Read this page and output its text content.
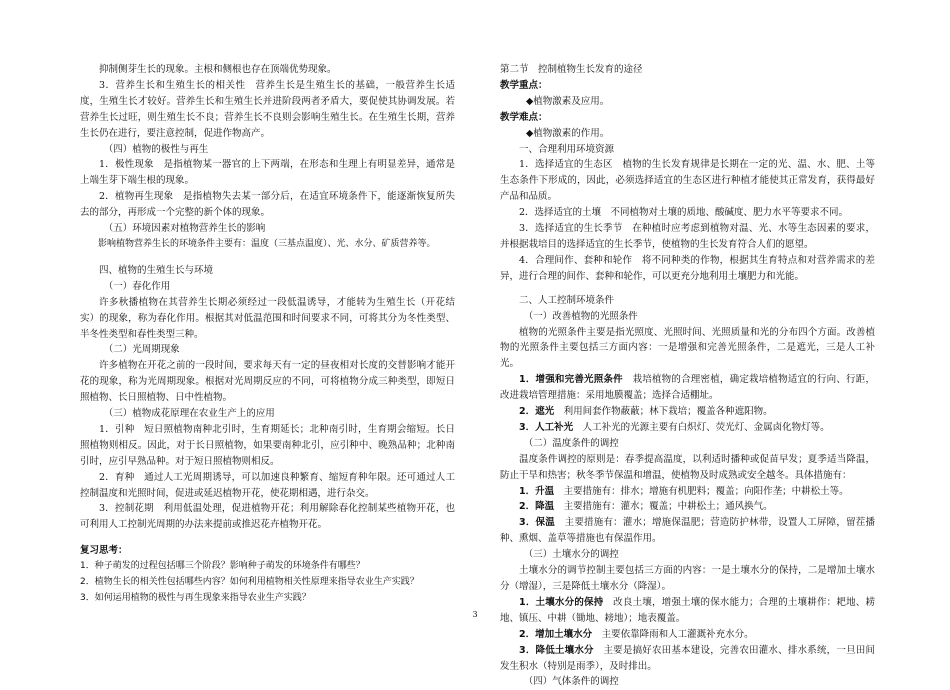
抑制侧芽生长的现象。主根和侧根也存在顶端优势现象。

3．营养生长和生殖生长的相关性　营养生长是生殖生长的基础，一般营养生长适度，生殖生长才较好。营养生长和生殖生长并进阶段两者矛盾大，要促使其协调发展。若营养生长过旺，则生殖生长不良；营养生长不良则会影响生殖生长。在生殖生长期，营养生长仍在进行，要注意控制，促进作物高产。

（四）植物的极性与再生

1．极性现象　是指植物某一器官的上下两端，在形态和生理上有明显差异，通常是上端生芽下端生根的现象。

2．植物再生现象　是指植物失去某一部分后，在适宜环境条件下，能逐渐恢复所失去的部分，再形成一个完整的新个体的现象。

（五）环境因素对植物营养生长的影响

影响植物营养生长的环境条件主要有：温度（三基点温度）、光、水分、矿质营养等。

四、植物的生殖生长与环境

（一）春化作用

许多秋播植物在其营养生长期必须经过一段低温诱导，才能转为生殖生长（开花结实）的现象，称为春化作用。根据其对低温范围和时间要求不同，可将其分为冬性类型、半冬性类型和春性类型三种。

（二）光周期现象

许多植物在开花之前的一段时间，要求每天有一定的昼夜相对长度的交替影响才能开花的现象，称为光周期现象。根据对光周期反应的不同，可将植物分成三种类型，即短日照植物、长日照植物、日中性植物。

（三）植物成花原理在农业生产上的应用

1．引种　短日照植物南种北引时，生育期延长；北种南引时，生育期会缩短。长日照植物则相反。因此，对于长日照植物，如果要南种北引，应引种中、晚熟品种；北种南引时，应引早熟品种。对于短日照植物则相反。

2．育种　通过人工光周期诱导，可以加速良种繁育、缩短育种年限。还可通过人工控制温度和光照时间，促进或延迟植物开花，使花期相遇，进行杂交。

3．控制花期　利用低温处理，促进植物开花；利用解除春化控制某些植物开花，也可利用人工控制光周期的办法来提前或推迟花卉植物开花。

复习思考：

1．种子萌发的过程包括哪三个阶段？影响种子萌发的环境条件有哪些？

2．植物生长的相关性包括哪些内容？如何利用植物相关性原理来指导农业生产实践？

3．如何运用植物的极性与再生现象来指导农业生产实践？

第二节　控制植物生长发育的途径

教学重点：

◆植物激素及应用。

教学难点：

◆植物激素的作用。

一、合理利用环境资源

1．选择适宜的生态区　植物的生长发育规律是长期在一定的光、温、水、肥、土等生态条件下形成的，因此，必须选择适宜的生态区进行种植才能使其正常发育，获得最好产品和品质。

2．选择适宜的土壤　不同植物对土壤的质地、酸碱度、肥力水平等要求不同。

3．选择适宜的生长季节　在种植时应考虑到植物对温、光、水等生态因素的要求，并根据栽培目的选择适宜的生长季节，使植物的生长发育符合人们的愿望。

4．合理间作、套种和轮作　将不同种类的作物，根据其生育特点和对营养需求的差异，进行合理的间作、套种和轮作，可以更充分地利用土壤肥力和光能。

二、人工控制环境条件

（一）改善植物的光照条件

植物的光照条件主要是指光照度、光照时间、光照质量和光的分布四个方面。改善植物的光照条件主要包括三方面内容：一是增强和完善光照条件，二是遮光，三是人工补光。

1．增强和完善光照条件　栽培植物的合理密植，确定栽培植物适宜的行向、行距，改进栽培管理措施：采用地膜覆盖；选择合适棚址。

2．遮光　利用间套作物蔽蔽；林下栽培；覆盖各种遮阳物。

3．人工补光　人工补光的光源主要有白炽灯、荧光灯、金属卤化物灯等。

（二）温度条件的调控

温度条件调控的原则是：春季提高温度，以利适时播种或促苗早发；夏季适当降温，防止干旱和热害；秋冬季节保温和增温，使植物及时成熟或安全越冬。具体措施有：

1．升温　主要措施有：排水；增施有机肥料；覆盖；向阳作垄；中耕松土等。

2．降温　主要措施有：灌水；覆盖；中耕松土；通风换气。

3．保温　主要措施有：灌水；增施保温肥；营造防护林带，设置人工屏障，留茬播种、熏烟、盖草等措施也有保温作用。

（三）土壤水分的调控

土壤水分的调节控制主要包括三方面的内容：一是土壤水分的保持，二是增加土壤水分（增湿），三是降低土壤水分（降湿）。

1．土壤水分的保持　改良土壤，增强土壤的保水能力；合理的土壤耕作：耙地、耢地、镇压、中耕（锄地、耪地）；地表覆盖。

2．增加土壤水分　主要依靠降雨和人工灌溉补充水分。

3．降低土壤水分　主要是搞好农田基本建设，完善农田灌水、排水系统，一旦田间发生积水（特别是雨季），及时排出。

（四）气体条件的调控

3
